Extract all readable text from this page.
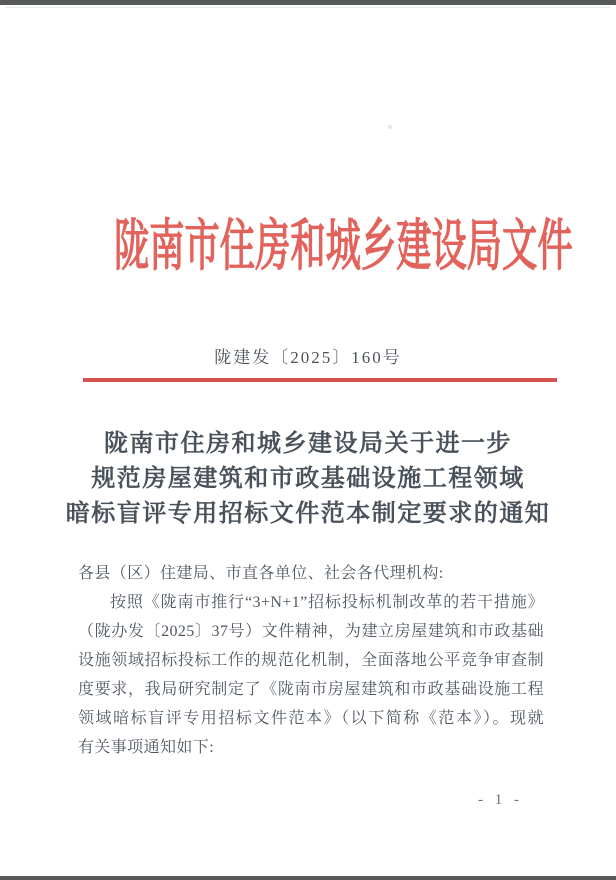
陇南市住房和城乡建设局文件
陇建发〔2025〕160号
陇南市住房和城乡建设局关于进一步
规范房屋建筑和市政基础设施工程领域
暗标盲评专用招标文件范本制定要求的通知
各县（区）住建局、市直各单位、社会各代理机构:
按照《陇南市推行“3+N+1”招标投标机制改革的若干措施》
（陇办发〔2025〕37号）文件精神，为建立房屋建筑和市政基础
设施领域招标投标工作的规范化机制，全面落地公平竞争审查制
度要求，我局研究制定了《陇南市房屋建筑和市政基础设施工程
领域暗标盲评专用招标文件范本》（以下简称《范本》）。现就
有关事项通知如下:
- 1 -
